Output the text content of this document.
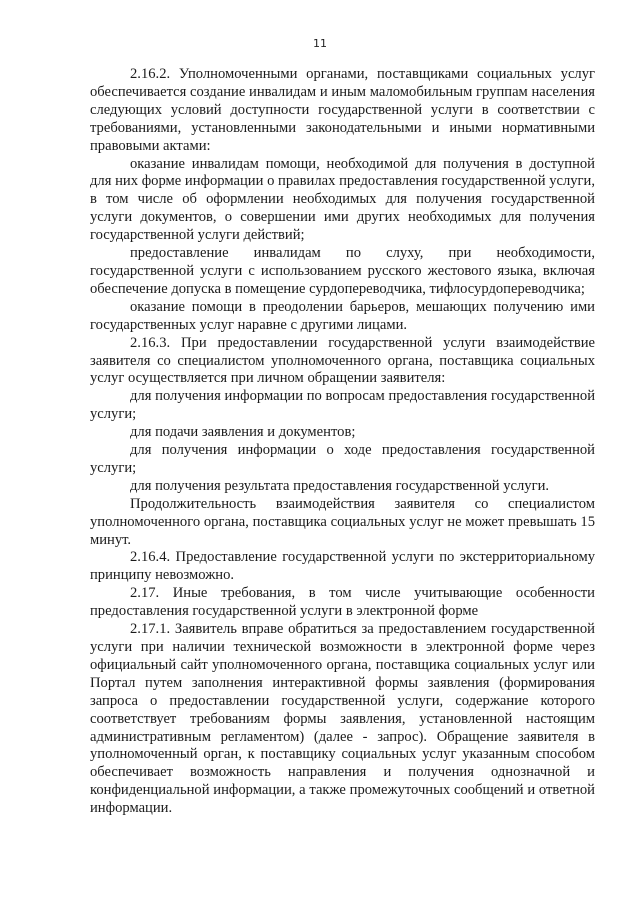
11

2.16.2. Уполномоченными органами, поставщиками социальных услуг обеспечивается создание инвалидам и иным маломобильным группам населения следующих условий доступности государственной услуги в соответствии с требованиями, установленными законодательными и иными нормативными правовыми актами:

оказание инвалидам помощи, необходимой для получения в доступной для них форме информации о правилах предоставления государственной услуги, в том числе об оформлении необходимых для получения государственной услуги документов, о совершении ими других необходимых для получения государственной услуги действий;

предоставление инвалидам по слуху, при необходимости, государственной услуги с использованием русского жестового языка, включая обеспечение допуска в помещение сурдопереводчика, тифлосурдопереводчика;

оказание помощи в преодолении барьеров, мешающих получению ими государственных услуг наравне с другими лицами.

2.16.3. При предоставлении государственной услуги взаимодействие заявителя со специалистом уполномоченного органа, поставщика социальных услуг осуществляется при личном обращении заявителя:

для получения информации по вопросам предоставления государственной услуги;

для подачи заявления и документов;

для получения информации о ходе предоставления государственной услуги;

для получения результата предоставления государственной услуги.

Продолжительность взаимодействия заявителя со специалистом уполномоченного органа, поставщика социальных услуг не может превышать 15 минут.

2.16.4. Предоставление государственной услуги по экстерриториальному принципу невозможно.

2.17. Иные требования, в том числе учитывающие особенности предоставления государственной услуги в электронной форме

2.17.1. Заявитель вправе обратиться за предоставлением государственной услуги при наличии технической возможности в электронной форме через официальный сайт уполномоченного органа, поставщика социальных услуг или Портал путем заполнения интерактивной формы заявления (формирования запроса о предоставлении государственной услуги, содержание которого соответствует требованиям формы заявления, установленной настоящим административным регламентом) (далее - запрос). Обращение заявителя в уполномоченный орган, к поставщику социальных услуг указанным способом обеспечивает возможность направления и получения однозначной и конфиденциальной информации, а также промежуточных сообщений и ответной информации.
